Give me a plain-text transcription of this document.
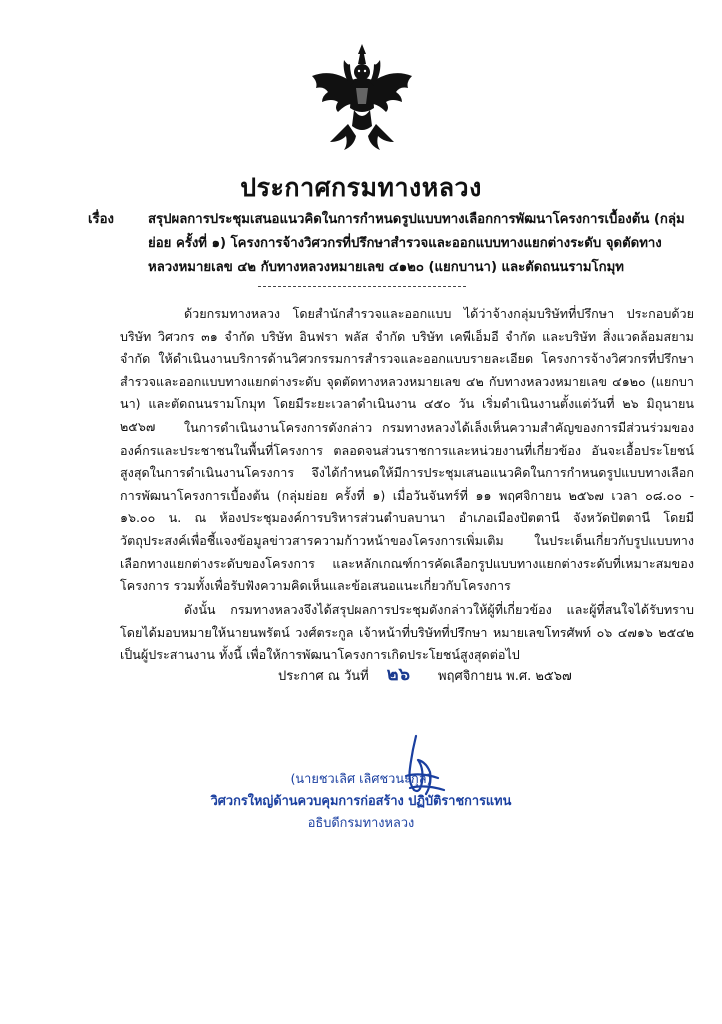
ประกาศกรมทางหลวง
เรื่อง	สรุปผลการประชุมเสนอแนวคิดในการกำหนดรูปแบบทางเลือกการพัฒนาโครงการเบื้องต้น (กลุ่มย่อย ครั้งที่ ๑) โครงการจ้างวิศวกรที่ปรึกษาสำรวจและออกแบบทางแยกต่างระดับ จุดตัดทางหลวงหมายเลข ๔๒ กับทางหลวงหมายเลข ๔๑๒๐ (แยกบานา) และตัดถนนรามโกมุท
ด้วยกรมทางหลวง โดยสำนักสำรวจและออกแบบ ได้ว่าจ้างกลุ่มบริษัทที่ปรึกษา ประกอบด้วย บริษัท วิศวกร ๓๑ จำกัด บริษัท อินฟรา พลัส จำกัด บริษัท เคพีเอ็มอี จำกัด และบริษัท สิ่งแวดล้อมสยาม จำกัด ให้ดำเนินงานบริการด้านวิศวกรรมการสำรวจและออกแบบรายละเอียด โครงการจ้างวิศวกรที่ปรึกษาสำรวจและออกแบบทางแยกต่างระดับ จุดตัดทางหลวงหมายเลข ๔๒ กับทางหลวงหมายเลข ๔๑๒๐ (แยกบานา) และตัดถนนรามโกมุท โดยมีระยะเวลาดำเนินงาน ๔๕๐ วัน เริ่มดำเนินงานตั้งแต่วันที่ ๒๖ มิถุนายน ๒๕๖๗	ในการดำเนินงานโครงการดังกล่าว กรมทางหลวงได้เล็งเห็นความสำคัญของการมีส่วนร่วมขององค์กรและประชาชนในพื้นที่โครงการ ตลอดจนส่วนราชการและหน่วยงานที่เกี่ยวข้อง อันจะเอื้อประโยชน์สูงสุดในการดำเนินงานโครงการ จึงได้กำหนดให้มีการประชุมเสนอแนวคิดในการกำหนดรูปแบบทางเลือกการพัฒนาโครงการเบื้องต้น (กลุ่มย่อย ครั้งที่ ๑) เมื่อวันจันทร์ที่ ๑๑ พฤศจิกายน ๒๕๖๗ เวลา ๐๘.๐๐ - ๑๖.๐๐ น. ณ ห้องประชุมองค์การบริหารส่วนตำบลบานา อำเภอเมืองปัตตานี จังหวัดปัตตานี โดยมีวัตถุประสงค์เพื่อชี้แจงข้อมูลข่าวสารความก้าวหน้าของโครงการเพิ่มเติม ในประเด็นเกี่ยวกับรูปแบบทางเลือกทางแยกต่างระดับของโครงการ และหลักเกณฑ์การคัดเลือกรูปแบบทางแยกต่างระดับที่เหมาะสมของโครงการ รวมทั้งเพื่อรับฟังความคิดเห็นและข้อเสนอแนะเกี่ยวกับโครงการ
ดังนั้น กรมทางหลวงจึงได้สรุปผลการประชุมดังกล่าวให้ผู้ที่เกี่ยวข้อง และผู้ที่สนใจได้รับทราบ โดยได้มอบหมายให้นายนพรัตน์ วงศ์ตระกูล เจ้าหน้าที่บริษัทที่ปรึกษา หมายเลขโทรศัพท์ ๐๖ ๔๗๑๖ ๒๕๔๒ เป็นผู้ประสานงาน ทั้งนี้ เพื่อให้การพัฒนาโครงการเกิดประโยชน์สูงสุดต่อไป
ประกาศ ณ วันที่ ๒๖ พฤศจิกายน พ.ศ. ๒๕๖๗
(นายชวเลิศ เลิศชวนะกุล)
วิศวกรใหญ่ด้านควบคุมการก่อสร้าง ปฏิบัติราชการแทน
อธิบดีกรมทางหลวง
